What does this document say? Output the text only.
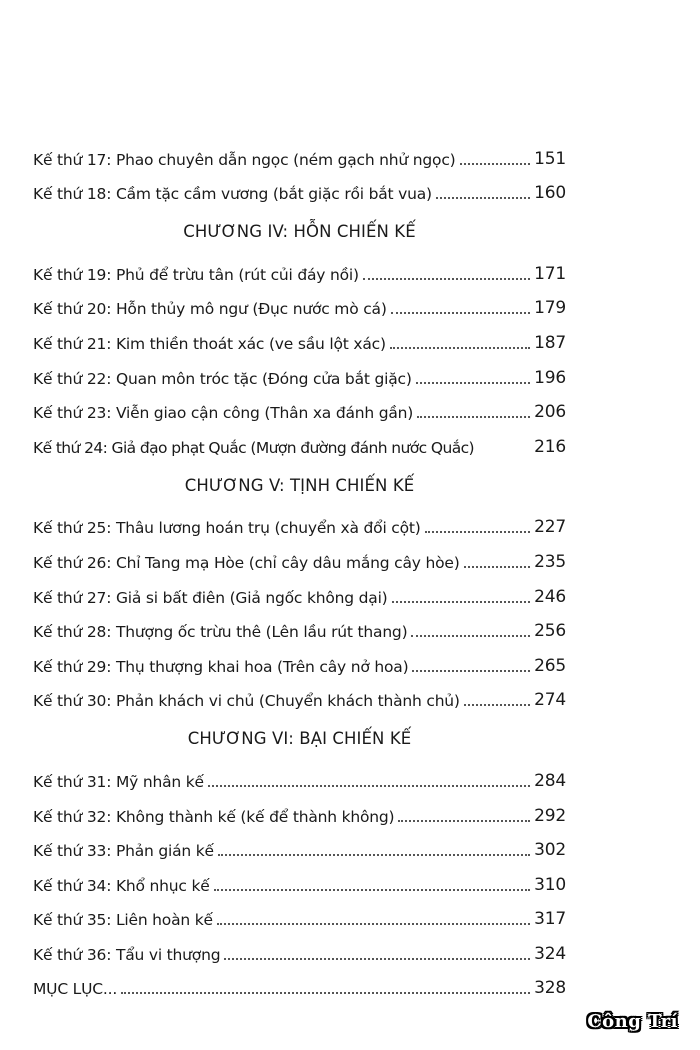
Kế thứ 17: Phao chuyên dẫn ngọc (ném gạch nhử ngọc)	151
Kế thứ 18: Cầm tặc cầm vương (bắt giặc rồi bắt vua)	160
CHƯƠNG IV: HỖN CHIẾN KẾ
Kế thứ 19: Phủ để trừu tân (rút củi đáy nồi)	171
Kế thứ 20: Hỗn thủy mô ngư (Đục nước mò cá)	179
Kế thứ 21: Kim thiền thoát xác (ve sầu lột xác)	187
Kế thứ 22: Quan môn tróc tặc (Đóng cửa bắt giặc)	196
Kế thứ 23: Viễn giao cận công (Thân xa đánh gần)	206
Kế thứ 24: Giả đạo phạt Quắc (Mượn đường đánh nước Quắc)	216
CHƯƠNG V: TỊNH CHIẾN KẾ
Kế thứ 25: Thâu lương hoán trụ (chuyển xà đổi cột)	227
Kế thứ 26: Chỉ Tang mạ Hòe (chỉ cây dâu mắng cây hòe)	235
Kế thứ 27: Giả si bất điên (Giả ngốc không dại)	246
Kế thứ 28: Thượng ốc trừu thê (Lên lầu rút thang)	256
Kế thứ 29: Thụ thượng khai hoa (Trên cây nở hoa)	265
Kế thứ 30: Phản khách vi chủ (Chuyển khách thành chủ)	274
CHƯƠNG VI: BẠI CHIẾN KẾ
Kế thứ 31: Mỹ nhân kế	284
Kế thứ 32: Không thành kế (kế để thành không)	292
Kế thứ 33: Phản gián kế	302
Kế thứ 34: Khổ nhục kế	310
Kế thứ 35: Liên hoàn kế	317
Kế thứ 36: Tẩu vi thượng	324
MỤC LỤC...	328
Công Trí
